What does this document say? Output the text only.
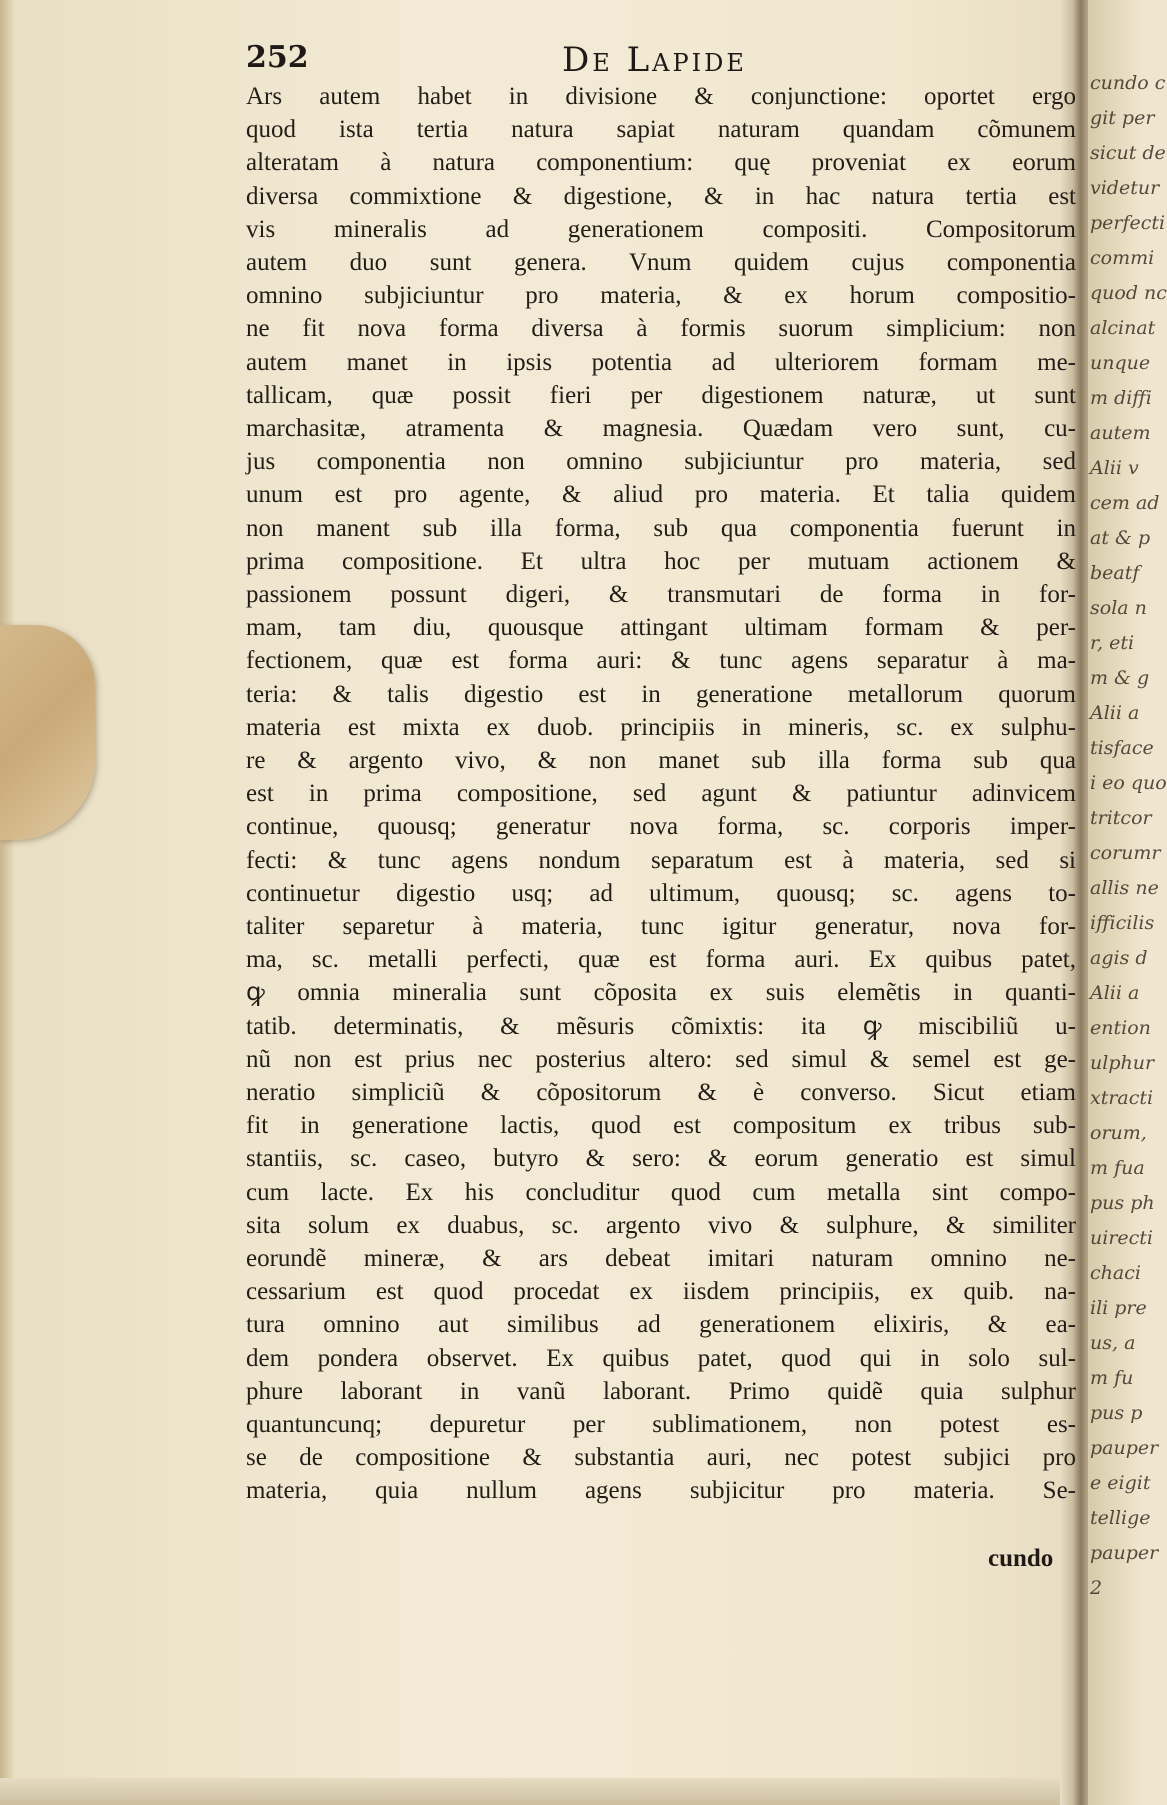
cundo c
git per
sicut de
videtur
perfecti
commi
quod nc
alcinat
unque
m diffi
autem
Alii v
cem ad
at & p
beatf
sola n
r, eti
m & g
Alii a
tisface
i eo quo
tritcor
corumr
allis ne
ifficilis
agis d
Alii a
ention
ulphur
xtracti
orum,
m fua
pus ph
uirecti
chaci
ili pre
us, a
m fu
pus p
pauper
e eigit
tellige
pauper
2
252	De Lapide
Ars autem habet in divisione & conjunctione: oportet ergo
quod ista tertia natura sapiat naturam quandam cõmunem
alteratam à natura componentium: quę proveniat ex eorum
diversa commixtione & digestione, & in hac natura tertia est
vis mineralis ad generationem compositi. Compositorum
autem duo sunt genera. Vnum quidem cujus componentia
omnino subjiciuntur pro materia, & ex horum compositio-
ne fit nova forma diversa à formis suorum simplicium: non
autem manet in ipsis potentia ad ulteriorem formam me-
tallicam, quæ possit fieri per digestionem naturæ, ut sunt
marchasitæ, atramenta & magnesia. Quædam vero sunt, cu-
jus componentia non omnino subjiciuntur pro materia, sed
unum est pro agente, & aliud pro materia. Et talia quidem
non manent sub illa forma, sub qua componentia fuerunt in
prima compositione. Et ultra hoc per mutuam actionem &
passionem possunt digeri, & transmutari de forma in for-
mam, tam diu, quousque attingant ultimam formam & per-
fectionem, quæ est forma auri: & tunc agens separatur à ma-
teria: & talis digestio est in generatione metallorum quorum
materia est mixta ex duob. principiis in mineris, sc. ex sulphu-
re & argento vivo, & non manet sub illa forma sub qua
est in prima compositione, sed agunt & patiuntur adinvicem
continue, quousq; generatur nova forma, sc. corporis imper-
fecti: & tunc agens nondum separatum est à materia, sed si
continuetur digestio usq; ad ultimum, quousq; sc. agens to-
taliter separetur à materia, tunc igitur generatur, nova for-
ma, sc. metalli perfecti, quæ est forma auri. Ex quibus patet,
ꝙ omnia mineralia sunt cõposita ex suis elemẽtis in quanti-
tatib. determinatis, & mẽsuris cõmixtis: ita ꝙ miscibiliũ u-
nũ non est prius nec posterius altero: sed simul & semel est ge-
neratio simpliciũ & cõpositorum & è converso. Sicut etiam
fit in generatione lactis, quod est compositum ex tribus sub-
stantiis, sc. caseo, butyro & sero: & eorum generatio est simul
cum lacte. Ex his concluditur quod cum metalla sint compo-
sita solum ex duabus, sc. argento vivo & sulphure, & similiter
eorundẽ mineræ, & ars debeat imitari naturam omnino ne-
cessarium est quod procedat ex iisdem principiis, ex quib. na-
tura omnino aut similibus ad generationem elixiris, & ea-
dem pondera observet. Ex quibus patet, quod qui in solo sul-
phure laborant in vanũ laborant. Primo quidẽ quia sulphur
quantuncunq; depuretur per sublimationem, non potest es-
se de compositione & substantia auri, nec potest subjici pro
materia, quia nullum agens subjicitur pro materia. Se-
cundo
